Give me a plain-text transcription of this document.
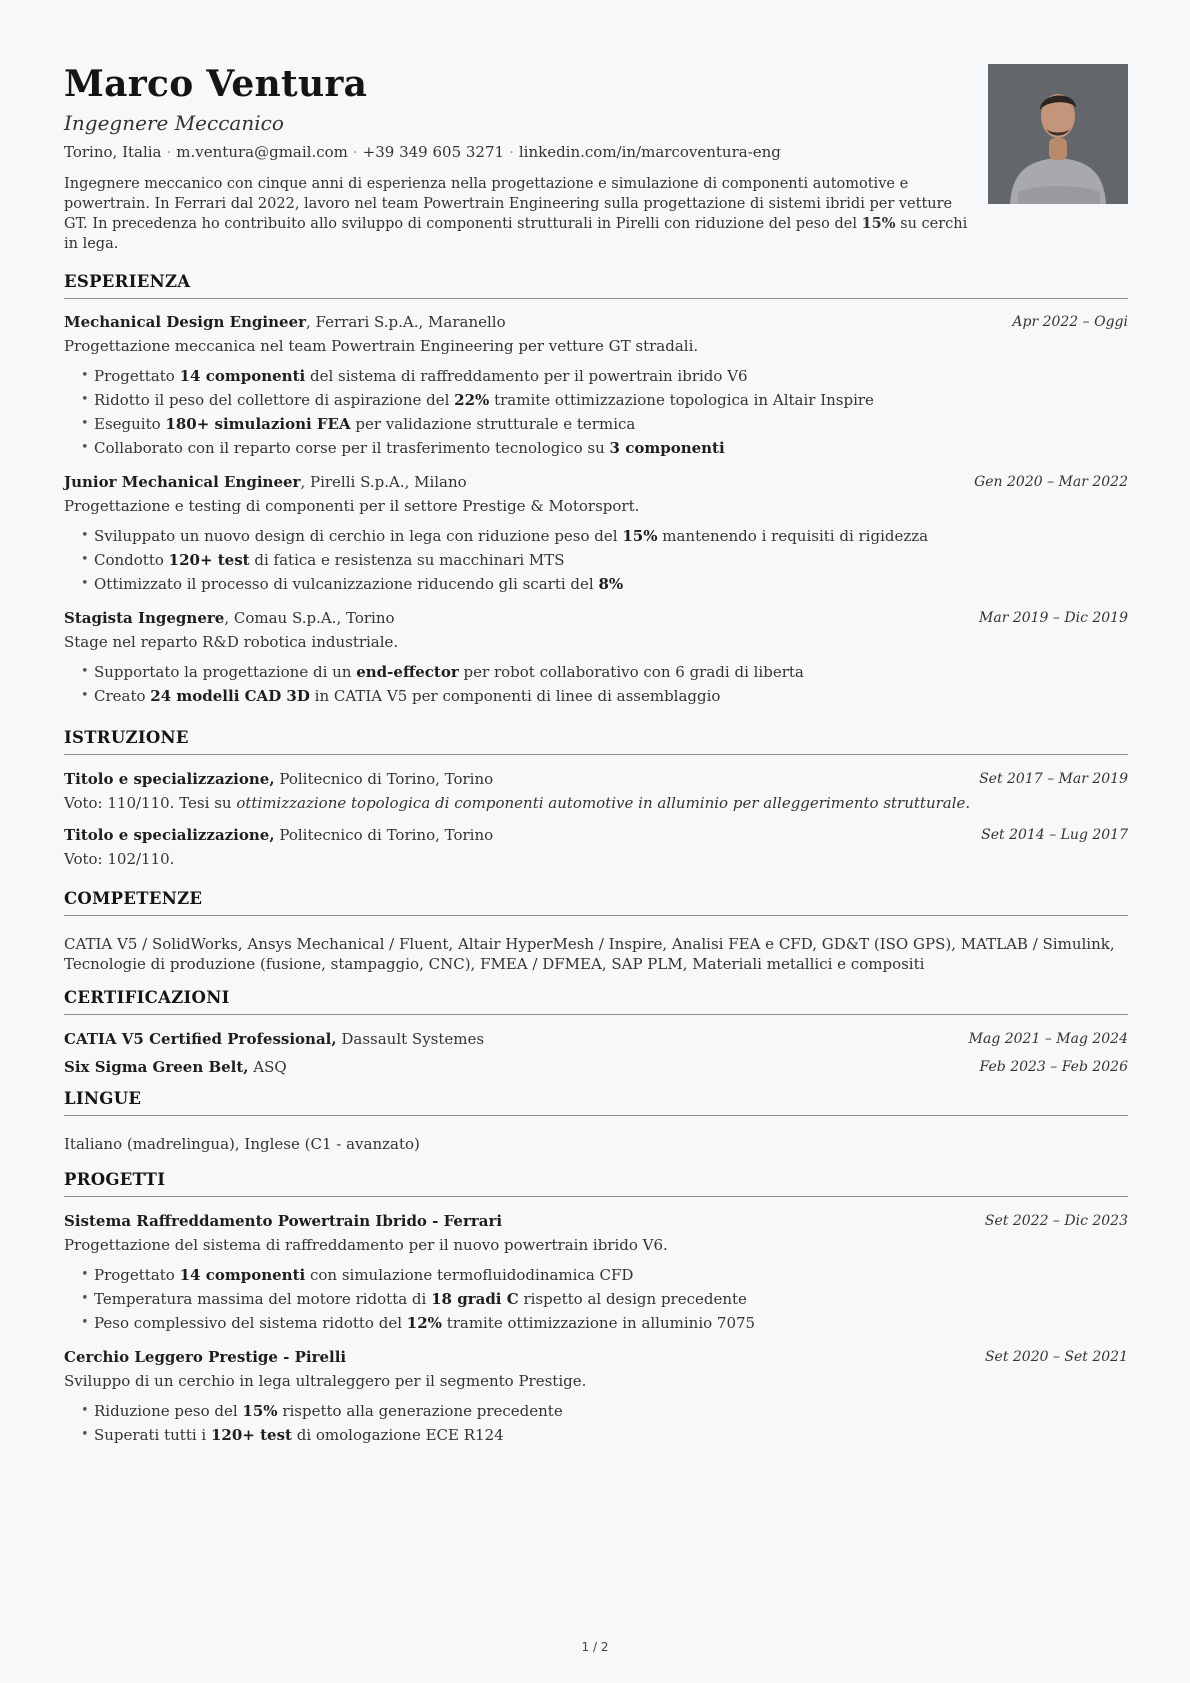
Marco Ventura
Ingegnere Meccanico
Torino, Italia · m.ventura@gmail.com · +39 349 605 3271 · linkedin.com/in/marcoventura-eng
Ingegnere meccanico con cinque anni di esperienza nella progettazione e simulazione di componenti automotive e powertrain. In Ferrari dal 2022, lavoro nel team Powertrain Engineering sulla progettazione di sistemi ibridi per vetture GT. In precedenza ho contribuito allo sviluppo di componenti strutturali in Pirelli con riduzione del peso del 15% su cerchi in lega.
ESPERIENZA
Mechanical Design Engineer, Ferrari S.p.A., Maranello	Apr 2022 – Oggi
Progettazione meccanica nel team Powertrain Engineering per vetture GT stradali.
• Progettato 14 componenti del sistema di raffreddamento per il powertrain ibrido V6
• Ridotto il peso del collettore di aspirazione del 22% tramite ottimizzazione topologica in Altair Inspire
• Eseguito 180+ simulazioni FEA per validazione strutturale e termica
• Collaborato con il reparto corse per il trasferimento tecnologico su 3 componenti
Junior Mechanical Engineer, Pirelli S.p.A., Milano	Gen 2020 – Mar 2022
Progettazione e testing di componenti per il settore Prestige & Motorsport.
• Sviluppato un nuovo design di cerchio in lega con riduzione peso del 15% mantenendo i requisiti di rigidezza
• Condotto 120+ test di fatica e resistenza su macchinari MTS
• Ottimizzato il processo di vulcanizzazione riducendo gli scarti del 8%
Stagista Ingegnere, Comau S.p.A., Torino	Mar 2019 – Dic 2019
Stage nel reparto R&D robotica industriale.
• Supportato la progettazione di un end-effector per robot collaborativo con 6 gradi di liberta
• Creato 24 modelli CAD 3D in CATIA V5 per componenti di linee di assemblaggio
ISTRUZIONE
Titolo e specializzazione, Politecnico di Torino, Torino	Set 2017 – Mar 2019
Voto: 110/110. Tesi su ottimizzazione topologica di componenti automotive in alluminio per alleggerimento strutturale.
Titolo e specializzazione, Politecnico di Torino, Torino	Set 2014 – Lug 2017
Voto: 102/110.
COMPETENZE
CATIA V5 / SolidWorks, Ansys Mechanical / Fluent, Altair HyperMesh / Inspire, Analisi FEA e CFD, GD&T (ISO GPS), MATLAB / Simulink, Tecnologie di produzione (fusione, stampaggio, CNC), FMEA / DFMEA, SAP PLM, Materiali metallici e compositi
CERTIFICAZIONI
CATIA V5 Certified Professional, Dassault Systemes	Mag 2021 – Mag 2024
Six Sigma Green Belt, ASQ	Feb 2023 – Feb 2026
LINGUE
Italiano (madrelingua), Inglese (C1 - avanzato)
PROGETTI
Sistema Raffreddamento Powertrain Ibrido - Ferrari	Set 2022 – Dic 2023
Progettazione del sistema di raffreddamento per il nuovo powertrain ibrido V6.
• Progettato 14 componenti con simulazione termofluidodinamica CFD
• Temperatura massima del motore ridotta di 18 gradi C rispetto al design precedente
• Peso complessivo del sistema ridotto del 12% tramite ottimizzazione in alluminio 7075
Cerchio Leggero Prestige - Pirelli	Set 2020 – Set 2021
Sviluppo di un cerchio in lega ultraleggero per il segmento Prestige.
• Riduzione peso del 15% rispetto alla generazione precedente
• Superati tutti i 120+ test di omologazione ECE R124
1 / 2
